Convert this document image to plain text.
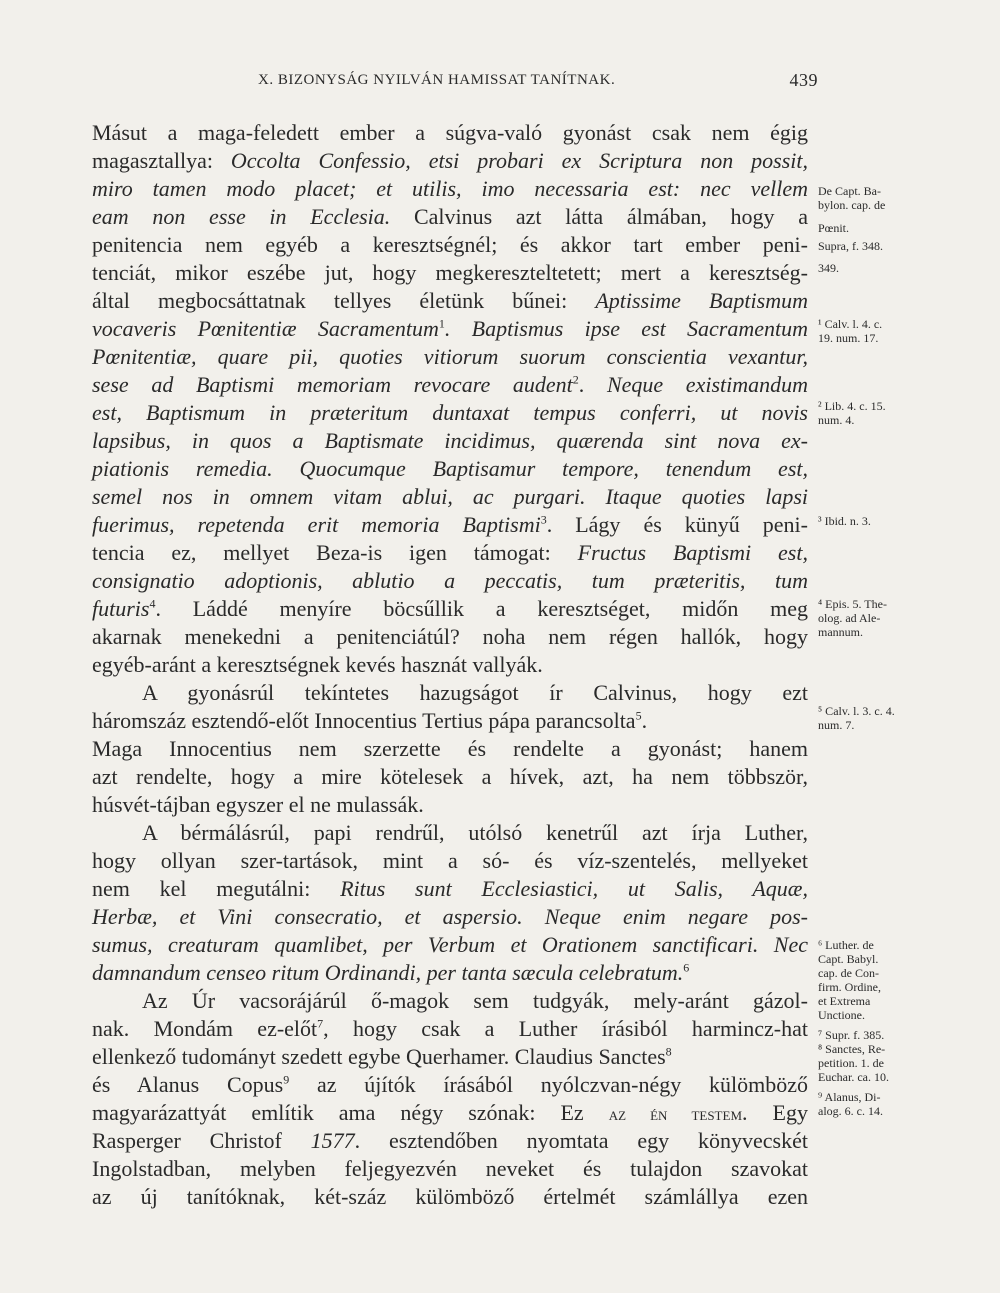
X. BIZONYSÁG NYILVÁN HAMISSAT TANÍTNAK.	439
Másut a maga-feledett ember a súgva-való gyonást csak nem égig
magasztallya: Occolta Confessio, etsi probari ex Scriptura non possit,
miro tamen modo placet; et utilis, imo necessaria est: nec vellem
eam non esse in Ecclesia. Calvinus azt látta álmában, hogy a
penitencia nem egyéb a keresztségnél; és akkor tart ember peni-
tenciát, mikor eszébe jut, hogy megkereszteltetett; mert a keresztség-
által megbocsáttatnak tellyes életünk bűnei: Aptissime Baptismum
vocaveris Pœnitentiæ Sacramentum$^1$. Baptismus ipse est Sacramentum
Pœnitentiæ, quare pii, quoties vitiorum suorum conscientia vexantur,
sese ad Baptismi memoriam revocare audent$^2$. Neque existimandum
est, Baptismum in præteritum duntaxat tempus conferri, ut novis
lapsibus, in quos a Baptismate incidimus, quærenda sint nova ex-
piationis remedia. Quocumque Baptisamur tempore, tenendum est,
semel nos in omnem vitam ablui, ac purgari. Itaque quoties lapsi
fuerimus, repetenda erit memoria Baptismi$^3$. Lágy és künyű peni-
tencia ez, mellyet Beza-is igen támogat: Fructus Baptismi est,
consignatio adoptionis, ablutio a peccatis, tum præteritis, tum
futuris$^4$. Láddé menyíre böcsűllik a keresztséget, midőn meg
akarnak menekedni a penitenciátúl? noha nem régen hallók, hogy
egyéb-aránt a keresztségnek kevés hasznát vallyák.
A gyonásrúl tekíntetes hazugságot ír Calvinus, hogy ezt
háromszáz esztendő-előt Innocentius Tertius pápa parancsolta$^5$.
Maga Innocentius nem szerzette és rendelte a gyonást; hanem
azt rendelte, hogy a mire kötelesek a hívek, azt, ha nem többször,
húsvét-tájban egyszer el ne mulassák.
A bérmálásrúl, papi rendrűl, utólsó kenetrűl azt írja Luther,
hogy ollyan szer-tartások, mint a só- és víz-szentelés, mellyeket
nem kel megutálni: Ritus sunt Ecclesiastici, ut Salis, Aquæ,
Herbæ, et Vini consecratio, et aspersio. Neque enim negare pos-
sumus, creaturam quamlibet, per Verbum et Orationem sanctificari. Nec
damnandum censeo ritum Ordinandi, per tanta sæcula celebratum.$^6$
Az Úr vacsorájárúl ő-magok sem tudgyák, mely-aránt gázol-
nak. Mondám ez-előt$^7$, hogy csak a Luther írásiból harmincz-hat
ellenkező tudományt szedett egybe Querhamer. Claudius Sanctes$^8$
és Alanus Copus$^9$ az újítók írásából nyólczvan-négy külömböző
magyarázattyát említik ama négy szónak: Ez az én testem. Egy
Rasperger Christof 1577. esztendőben nyomtata egy könyvecskét
Ingolstadban, melyben feljegyezvén neveket és tulajdon szavokat
az új tanítóknak, két-száz külömböző értelmét számlállya ezen
De Capt. Ba-
bylon. cap. de
Pœnit.
Supra, f. 348.
349.
¹ Calv. l. 4. c.
19. num. 17.
² Lib. 4. c. 15.
num. 4.
³ Ibid. n. 3.
⁴ Epis. 5. The-
olog. ad Ale-
mannum.
⁵ Calv. l. 3. c. 4.
num. 7.
⁶ Luther. de
Capt. Babyl.
cap. de Con-
firm. Ordine,
et Extrema
Unctione.
⁷ Supr. f. 385.
⁸ Sanctes, Re-
petition. 1. de
Euchar. ca. 10.
⁹ Alanus, Di-
alog. 6. c. 14.
